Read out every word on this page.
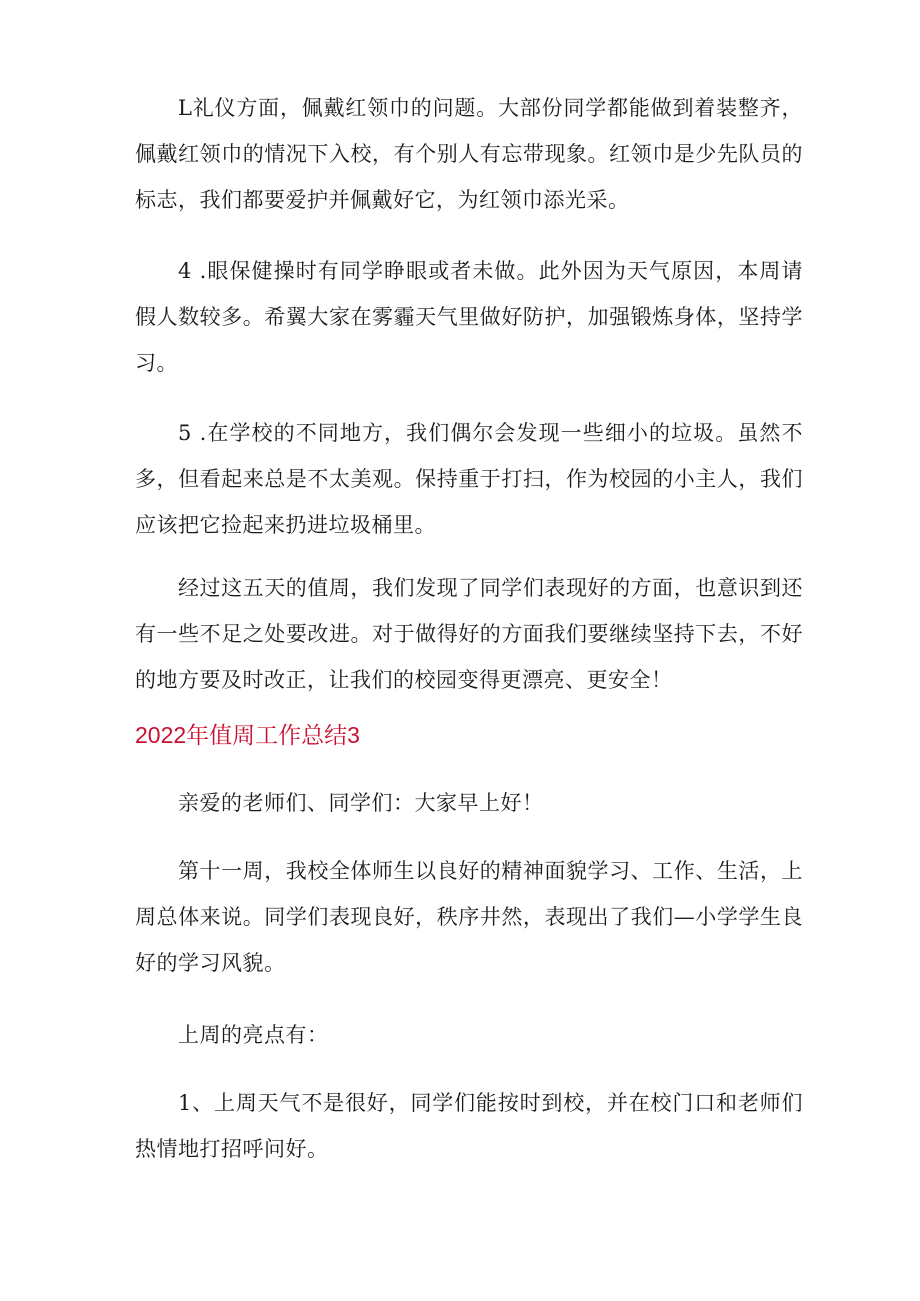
L礼仪方面，佩戴红领巾的问题。大部份同学都能做到着装整齐，佩戴红领巾的情况下入校，有个别人有忘带现象。红领巾是少先队员的标志，我们都要爱护并佩戴好它，为红领巾添光采。

4 .眼保健操时有同学睁眼或者未做。此外因为天气原因，本周请假人数较多。希翼大家在雾霾天气里做好防护，加强锻炼身体，坚持学习。

5 .在学校的不同地方，我们偶尔会发现一些细小的垃圾。虽然不多，但看起来总是不太美观。保持重于打扫，作为校园的小主人，我们应该把它捡起来扔进垃圾桶里。

经过这五天的值周，我们发现了同学们表现好的方面，也意识到还有一些不足之处要改进。对于做得好的方面我们要继续坚持下去，不好的地方要及时改正，让我们的校园变得更漂亮、更安全！

2022年值周工作总结3

亲爱的老师们、同学们：大家早上好！

第十一周，我校全体师生以良好的精神面貌学习、工作、生活，上周总体来说。同学们表现良好，秩序井然，表现出了我们—小学学生良好的学习风貌。

上周的亮点有：

1、上周天气不是很好，同学们能按时到校，并在校门口和老师们热情地打招呼问好。
